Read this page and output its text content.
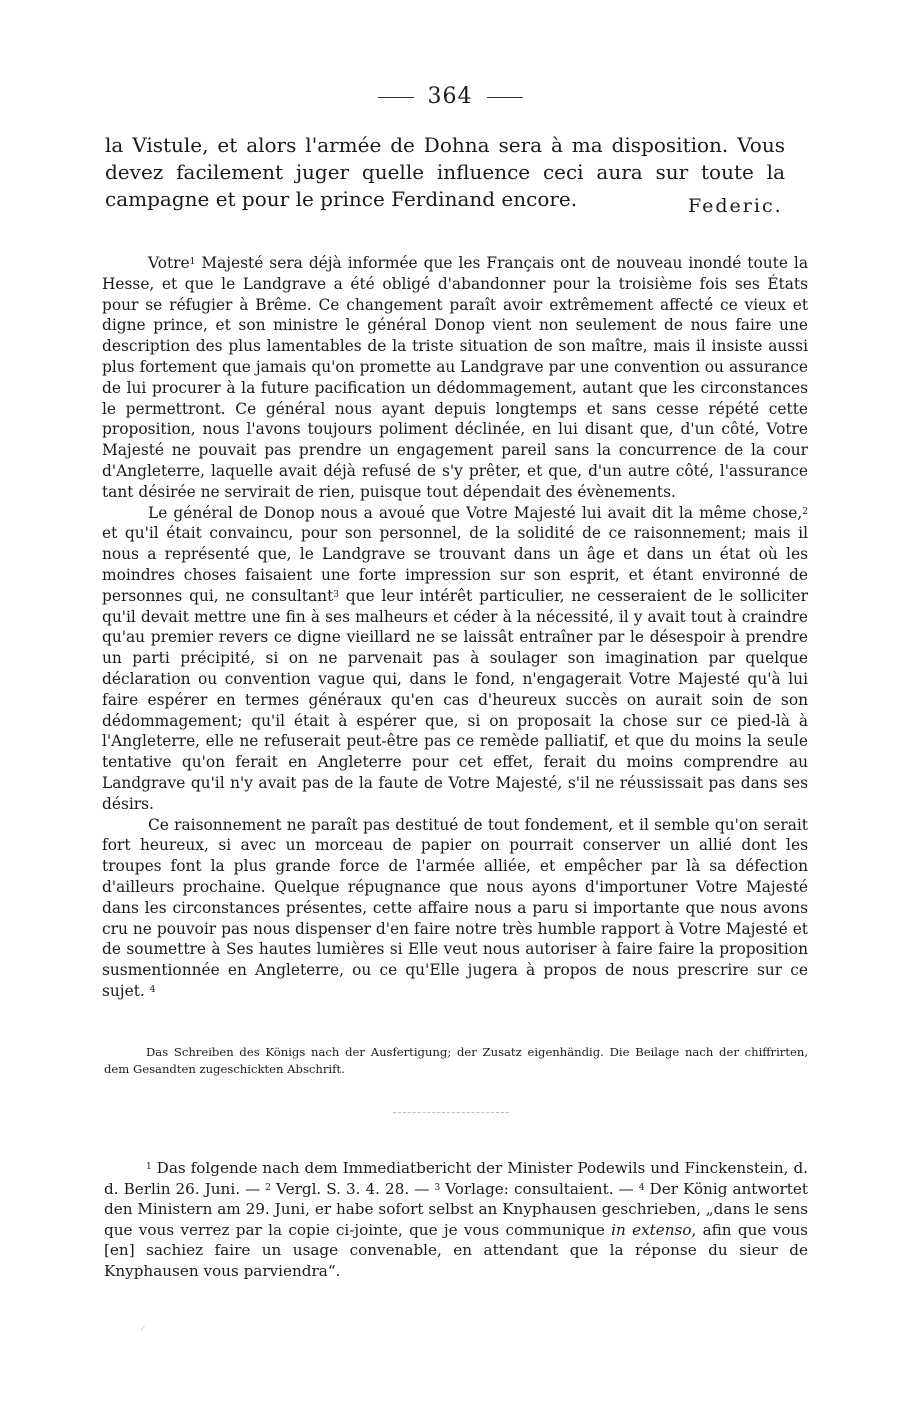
364

la Vistule, et alors l'armée de Dohna sera à ma disposition. Vous devez facilement juger quelle influence ceci aura sur toute la campagne et pour le prince Ferdinand encore.	Federic.

Votre$^1$ Majesté sera déjà informée que les Français ont de nouveau inondé toute la Hesse, et que le Landgrave a été obligé d'abandonner pour la troisième fois ses États pour se réfugier à Brême. Ce changement paraît avoir extrêmement affecté ce vieux et digne prince, et son ministre le général Donop vient non seulement de nous faire une description des plus lamentables de la triste situation de son maître, mais il insiste aussi plus fortement que jamais qu'on promette au Landgrave par une convention ou assurance de lui procurer à la future pacification un dédommagement, autant que les circonstances le permettront. Ce général nous ayant depuis longtemps et sans cesse répété cette proposition, nous l'avons toujours poliment déclinée, en lui disant que, d'un côté, Votre Majesté ne pouvait pas prendre un engagement pareil sans la concurrence de la cour d'Angleterre, laquelle avait déjà refusé de s'y prêter, et que, d'un autre côté, l'assurance tant désirée ne servirait de rien, puisque tout dépendait des évènements.

Le général de Donop nous a avoué que Votre Majesté lui avait dit la même chose,$^2$ et qu'il était convaincu, pour son personnel, de la solidité de ce raisonnement; mais il nous a représenté que, le Landgrave se trouvant dans un âge et dans un état où les moindres choses faisaient une forte impression sur son esprit, et étant environné de personnes qui, ne consultant$^3$ que leur intérêt particulier, ne cesseraient de le solliciter qu'il devait mettre une fin à ses malheurs et céder à la nécessité, il y avait tout à craindre qu'au premier revers ce digne vieillard ne se laissât entraîner par le désespoir à prendre un parti précipité, si on ne parvenait pas à soulager son imagination par quelque déclaration ou convention vague qui, dans le fond, n'engagerait Votre Majesté qu'à lui faire espérer en termes généraux qu'en cas d'heureux succès on aurait soin de son dédommagement; qu'il était à espérer que, si on proposait la chose sur ce pied-là à l'Angleterre, elle ne refuserait peut-être pas ce remède palliatif, et que du moins la seule tentative qu'on ferait en Angleterre pour cet effet, ferait du moins comprendre au Landgrave qu'il n'y avait pas de la faute de Votre Majesté, s'il ne réussissait pas dans ses désirs.

Ce raisonnement ne paraît pas destitué de tout fondement, et il semble qu'on serait fort heureux, si avec un morceau de papier on pourrait conserver un allié dont les troupes font la plus grande force de l'armée alliée, et empêcher par là sa défection d'ailleurs prochaine. Quelque répugnance que nous ayons d'importuner Votre Majesté dans les circonstances présentes, cette affaire nous a paru si importante que nous avons cru ne pouvoir pas nous dispenser d'en faire notre très humble rapport à Votre Majesté et de soumettre à Ses hautes lumières si Elle veut nous autoriser à faire faire la proposition susmentionnée en Angleterre, ou ce qu'Elle jugera à propos de nous prescrire sur ce sujet. $^4$

Das Schreiben des Königs nach der Ausfertigung; der Zusatz eigenhändig. Die Beilage nach der chiffrirten, dem Gesandten zugeschickten Abschrift.
$^1$ Das folgende nach dem Immediatbericht der Minister Podewils und Finckenstein, d. d. Berlin 26. Juni. — $^2$ Vergl. S. 3. 4. 28. — $^3$ Vorlage: consultaient. — $^4$ Der König antwortet den Ministern am 29. Juni, er habe sofort selbst an Knyphausen geschrieben, „dans le sens que vous verrez par la copie ci-jointe, que je vous communique in extenso, afin que vous [en] sachiez faire un usage convenable, en attendant que la réponse du sieur de Knyphausen vous parviendra“.
